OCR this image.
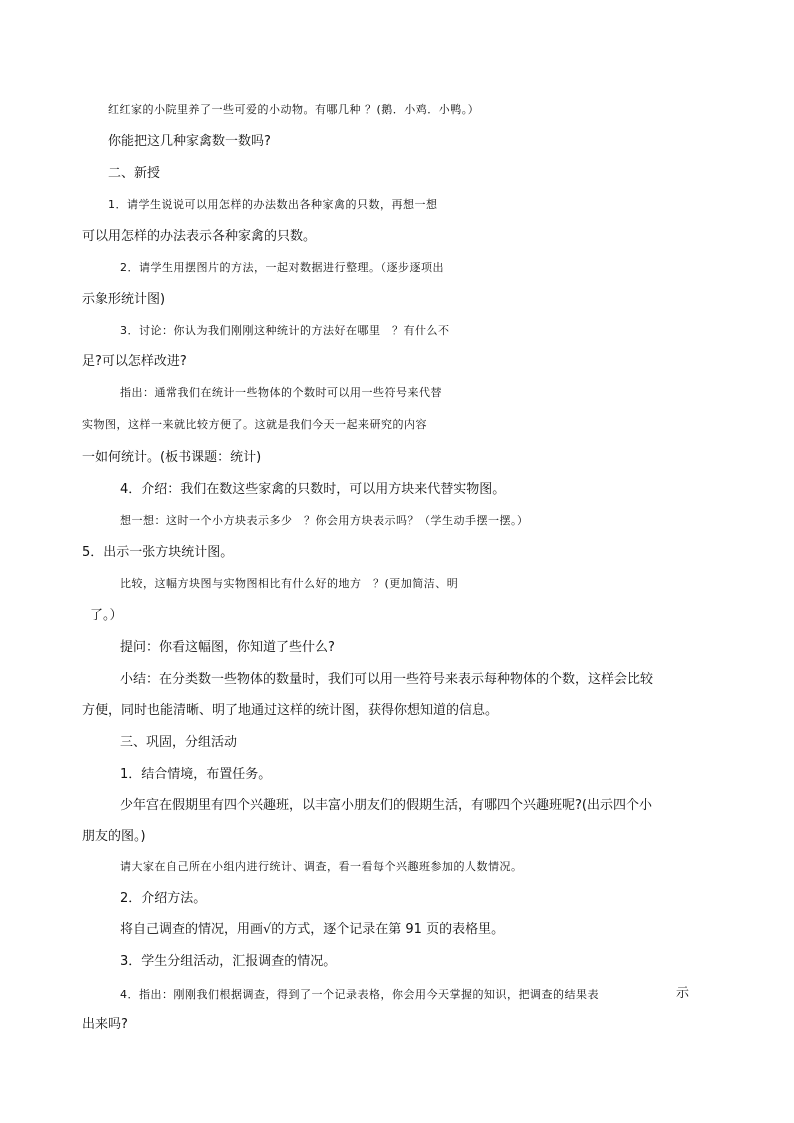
红红家的小院里养了一些可爱的小动物。有哪几种 ？(鹅．小鸡．小鸭。）
你能把这几种家禽数一数吗?
二、新授
1．请学生说说可以用怎样的办法数出各种家禽的只数，再想一想
可以用怎样的办法表示各种家禽的只数。
2．请学生用摆图片的方法，一起对数据进行整理。（逐步逐项出
示象形统计图)
3．讨论：你认为我们刚刚这种统计的方法好在哪里　？有什么不
足?可以怎样改进?
指出：通常我们在统计一些物体的个数时可以用一些符号来代替
实物图，这样一来就比较方便了。这就是我们今天一起来研究的内容
一如何统计。(板书课题：统计)
4．介绍：我们在数这些家禽的只数时，可以用方块来代替实物图。
想一想：这时一个小方块表示多少　？你会用方块表示吗？（学生动手摆一摆。）
5．出示一张方块统计图。
比较，这幅方块图与实物图相比有什么好的地方　？(更加简洁、明
了。）
提问：你看这幅图，你知道了些什么?
小结：在分类数一些物体的数量时，我们可以用一些符号来表示每种物体的个数，这样会比较
方便，同时也能清晰、明了地通过这样的统计图，获得你想知道的信息。
三、巩固，分组活动
1．结合情境，布置任务。
少年宫在假期里有四个兴趣班，以丰富小朋友们的假期生活，有哪四个兴趣班呢?(出示四个小
朋友的图。)
请大家在自己所在小组内进行统计、调查，看一看每个兴趣班参加的人数情况。
2．介绍方法。
将自己调查的情况，用画√的方式，逐个记录在第 91 页的表格里。
3．学生分组活动，汇报调查的情况。
4．指出：刚刚我们根据调查，得到了一个记录表格，你会用今天掌握的知识，把调查的结果表	示
出来吗?
